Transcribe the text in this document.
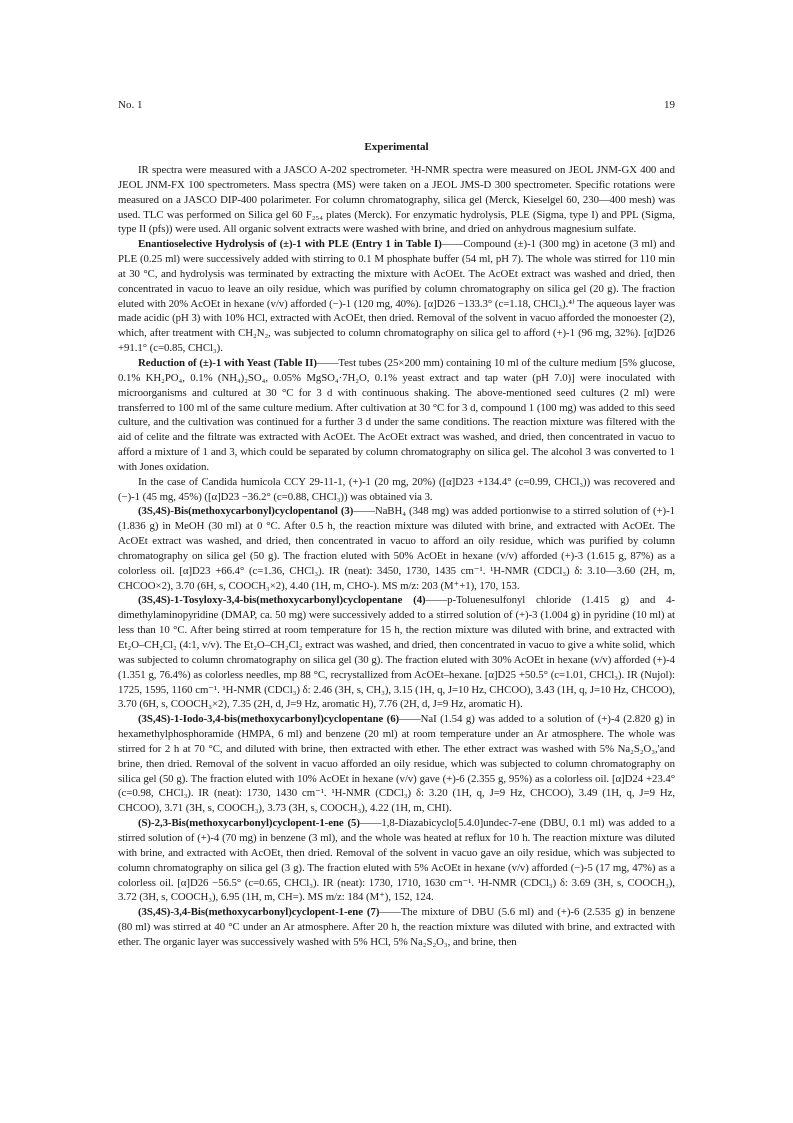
No. 1	19
Experimental

IR spectra were measured with a JASCO A-202 spectrometer. ¹H-NMR spectra were measured on JEOL JNM-GX 400 and JEOL JNM-FX 100 spectrometers. Mass spectra (MS) were taken on a JEOL JMS-D 300 spectrometer. Specific rotations were measured on a JASCO DIP-400 polarimeter. For column chromatography, silica gel (Merck, Kieselgel 60, 230—400 mesh) was used. TLC was performed on Silica gel 60 F₂₅₄ plates (Merck). For enzymatic hydrolysis, PLE (Sigma, type I) and PPL (Sigma, type II (pfs)) were used. All organic solvent extracts were washed with brine, and dried on anhydrous magnesium sulfate.

Enantioselective Hydrolysis of (±)-1 with PLE (Entry 1 in Table I)——Compound (±)-1 (300 mg) in acetone (3 ml) and PLE (0.25 ml) were successively added with stirring to 0.1 M phosphate buffer (54 ml, pH 7). The whole was stirred for 110 min at 30 °C, and hydrolysis was terminated by extracting the mixture with AcOEt. The AcOEt extract was washed and dried, then concentrated in vacuo to leave an oily residue, which was purified by column chromatography on silica gel (20 g). The fraction eluted with 20% AcOEt in hexane (v/v) afforded (−)-1 (120 mg, 40%). [α]D26 −133.3° (c=1.18, CHCl₃).⁴⁾ The aqueous layer was made acidic (pH 3) with 10% HCl, extracted with AcOEt, then dried. Removal of the solvent in vacuo afforded the monoester (2), which, after treatment with CH₂N₂, was subjected to column chromatography on silica gel to afford (+)-1 (96 mg, 32%). [α]D26 +91.1° (c=0.85, CHCl₃).

Reduction of (±)-1 with Yeast (Table II)——Test tubes (25×200 mm) containing 10 ml of the culture medium [5% glucose, 0.1% KH₂PO₄, 0.1% (NH₄)₂SO₄, 0.05% MgSO₄·7H₂O, 0.1% yeast extract and tap water (pH 7.0)] were inoculated with microorganisms and cultured at 30 °C for 3 d with continuous shaking. The above-mentioned seed cultures (2 ml) were transferred to 100 ml of the same culture medium. After cultivation at 30 °C for 3 d, compound 1 (100 mg) was added to this seed culture, and the cultivation was continued for a further 3 d under the same conditions. The reaction mixture was filtered with the aid of celite and the filtrate was extracted with AcOEt. The AcOEt extract was washed, and dried, then concentrated in vacuo to afford a mixture of 1 and 3, which could be separated by column chromatography on silica gel. The alcohol 3 was converted to 1 with Jones oxidation.

In the case of Candida humicola CCY 29-11-1, (+)-1 (20 mg, 20%) ([α]D23 +134.4° (c=0.99, CHCl₃)) was recovered and (−)-1 (45 mg, 45%) ([α]D23 −36.2° (c=0.88, CHCl₃)) was obtained via 3.

(3S,4S)-Bis(methoxycarbonyl)cyclopentanol (3)——NaBH₄ (348 mg) was added portionwise to a stirred solution of (+)-1 (1.836 g) in MeOH (30 ml) at 0 °C. After 0.5 h, the reaction mixture was diluted with brine, and extracted with AcOEt. The AcOEt extract was washed, and dried, then concentrated in vacuo to afford an oily residue, which was purified by column chromatography on silica gel (50 g). The fraction eluted with 50% AcOEt in hexane (v/v) afforded (+)-3 (1.615 g, 87%) as a colorless oil. [α]D23 +66.4° (c=1.36, CHCl₃). IR (neat): 3450, 1730, 1435 cm⁻¹. ¹H-NMR (CDCl₃) δ: 3.10—3.60 (2H, m, CHCOO×2), 3.70 (6H, s, COOCH₃×2), 4.40 (1H, m, CHO-). MS m/z: 203 (M⁺+1), 170, 153.

(3S,4S)-1-Tosyloxy-3,4-bis(methoxycarbonyl)cyclopentane (4)——p-Toluenesulfonyl chloride (1.415 g) and 4-dimethylaminopyridine (DMAP, ca. 50 mg) were successively added to a stirred solution of (+)-3 (1.004 g) in pyridine (10 ml) at less than 10 °C. After being stirred at room temperature for 15 h, the rection mixture was diluted with brine, and extracted with Et₂O–CH₂Cl₂ (4:1, v/v). The Et₂O–CH₂Cl₂ extract was washed, and dried, then concentrated in vacuo to give a white solid, which was subjected to column chromatography on silica gel (30 g). The fraction eluted with 30% AcOEt in hexane (v/v) afforded (+)-4 (1.351 g, 76.4%) as colorless needles, mp 88 °C, recrystallized from AcOEt–hexane. [α]D25 +50.5° (c=1.01, CHCl₃). IR (Nujol): 1725, 1595, 1160 cm⁻¹. ¹H-NMR (CDCl₃) δ: 2.46 (3H, s, CH₃), 3.15 (1H, q, J=10 Hz, CHCOO), 3.43 (1H, q, J=10 Hz, CHCOO), 3.70 (6H, s, COOCH₃×2), 7.35 (2H, d, J=9 Hz, aromatic H), 7.76 (2H, d, J=9 Hz, aromatic H).

(3S,4S)-1-Iodo-3,4-bis(methoxycarbonyl)cyclopentane (6)——NaI (1.54 g) was added to a solution of (+)-4 (2.820 g) in hexamethylphosphoramide (HMPA, 6 ml) and benzene (20 ml) at room temperature under an Ar atmosphere. The whole was stirred for 2 h at 70 °C, and diluted with brine, then extracted with ether. The ether extract was washed with 5% Na₂S₂O₃,'and brine, then dried. Removal of the solvent in vacuo afforded an oily residue, which was subjected to column chromatography on silica gel (50 g). The fraction eluted with 10% AcOEt in hexane (v/v) gave (+)-6 (2.355 g, 95%) as a colorless oil. [α]D24 +23.4° (c=0.98, CHCl₃). IR (neat): 1730, 1430 cm⁻¹. ¹H-NMR (CDCl₃) δ: 3.20 (1H, q, J=9 Hz, CHCOO), 3.49 (1H, q, J=9 Hz, CHCOO), 3.71 (3H, s, COOCH₃), 3.73 (3H, s, COOCH₃), 4.22 (1H, m, CHI).

(S)-2,3-Bis(methoxycarbonyl)cyclopent-1-ene (5)——1,8-Diazabicyclo[5.4.0]undec-7-ene (DBU, 0.1 ml) was added to a stirred solution of (+)-4 (70 mg) in benzene (3 ml), and the whole was heated at reflux for 10 h. The reaction mixture was diluted with brine, and extracted with AcOEt, then dried. Removal of the solvent in vacuo gave an oily residue, which was subjected to column chromatography on silica gel (3 g). The fraction eluted with 5% AcOEt in hexane (v/v) afforded (−)-5 (17 mg, 47%) as a colorless oil. [α]D26 −56.5° (c=0.65, CHCl₃). IR (neat): 1730, 1710, 1630 cm⁻¹. ¹H-NMR (CDCl₃) δ: 3.69 (3H, s, COOCH₃), 3.72 (3H, s, COOCH₃), 6.95 (1H, m, CH=). MS m/z: 184 (M⁺), 152, 124.

(3S,4S)-3,4-Bis(methoxycarbonyl)cyclopent-1-ene (7)——The mixture of DBU (5.6 ml) and (+)-6 (2.535 g) in benzene (80 ml) was stirred at 40 °C under an Ar atmosphere. After 20 h, the reaction mixture was diluted with brine, and extracted with ether. The organic layer was successively washed with 5% HCl, 5% Na₂S₂O₃, and brine, then
